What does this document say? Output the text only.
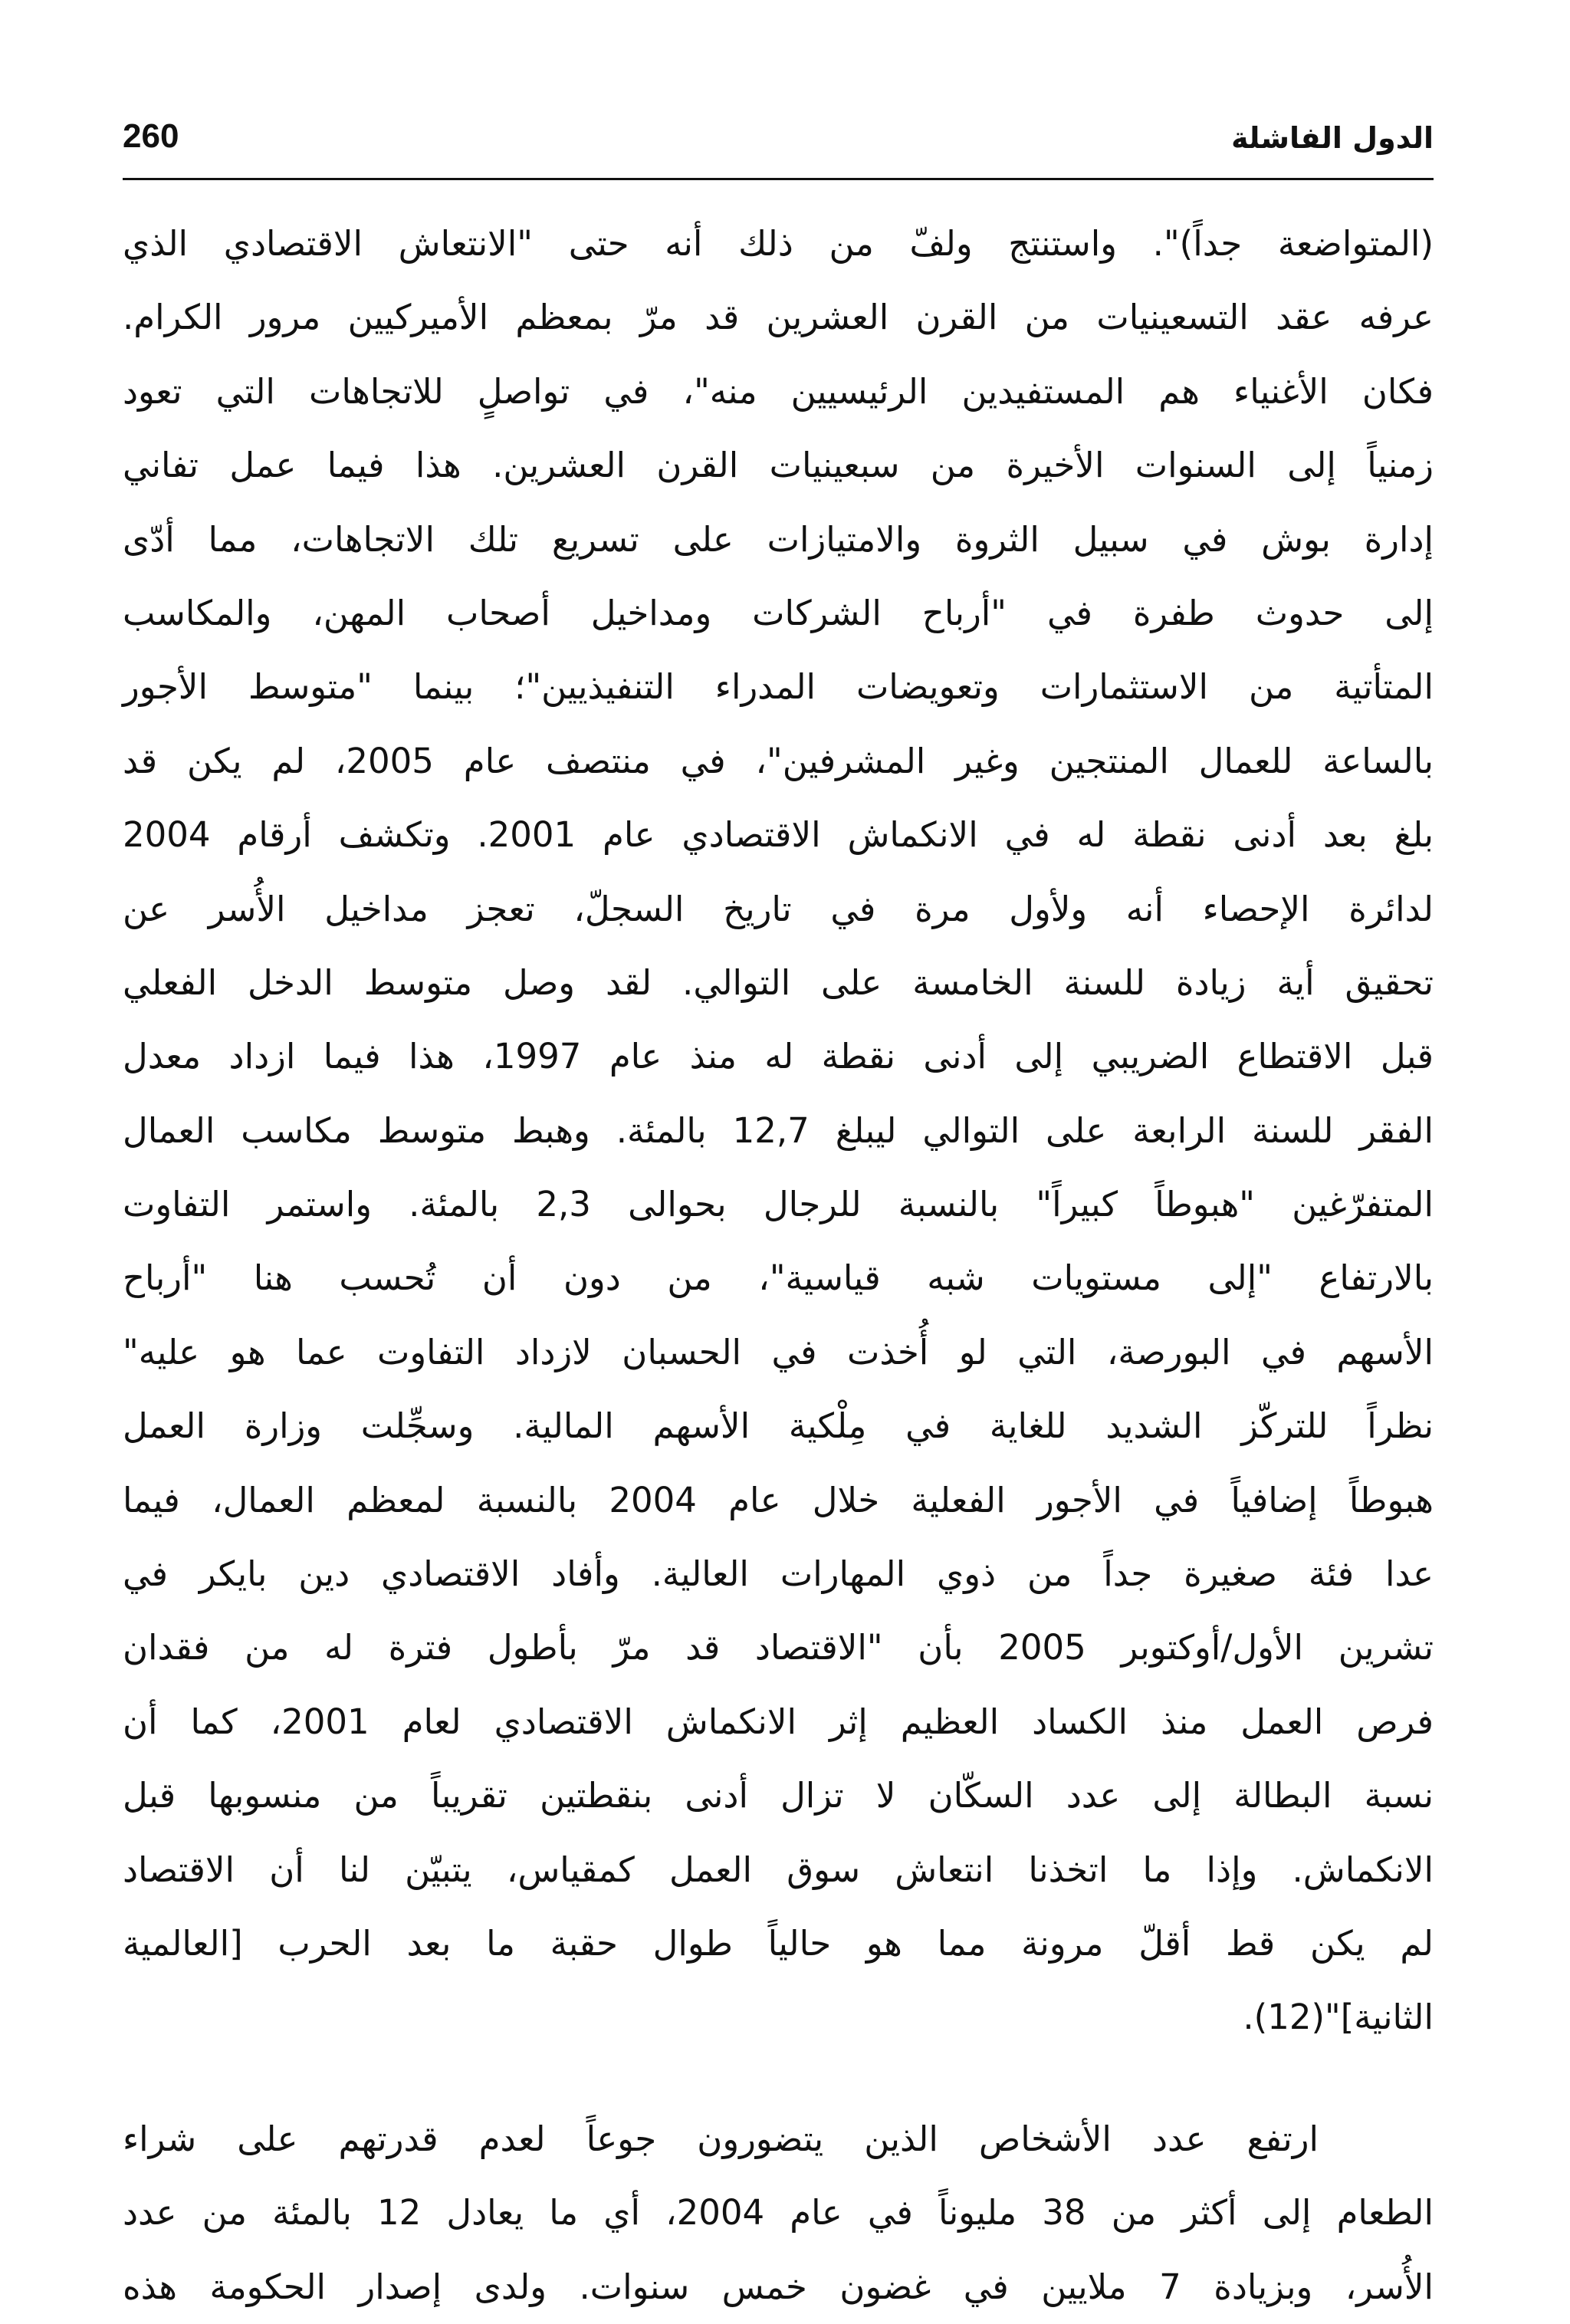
260	الدول الفاشلة
(المتواضعة جداً)". واستنتج ولفّ من ذلك أنه حتى "الانتعاش الاقتصادي الذي
عرفه عقد التسعينيات من القرن العشرين قد مرّ بمعظم الأميركيين مرور الكرام.
فكان الأغنياء هم المستفيدين الرئيسيين منه"، في تواصلٍ للاتجاهات التي تعود
زمنياً إلى السنوات الأخيرة من سبعينيات القرن العشرين. هذا فيما عمل تفاني
إدارة بوش في سبيل الثروة والامتيازات على تسريع تلك الاتجاهات، مما أدّى
إلى حدوث طفرة في "أرباح الشركات ومداخيل أصحاب المهن، والمكاسب
المتأتية من الاستثمارات وتعويضات المدراء التنفيذيين"؛ بينما "متوسط الأجور
بالساعة للعمال المنتجين وغير المشرفين"، في منتصف عام 2005، لم يكن قد
بلغ بعد أدنى نقطة له في الانكماش الاقتصادي عام 2001. وتكشف أرقام 2004
لدائرة الإحصاء أنه ولأول مرة في تاريخ السجلّ، تعجز مداخيل الأُسر عن
تحقيق أية زيادة للسنة الخامسة على التوالي. لقد وصل متوسط الدخل الفعلي
قبل الاقتطاع الضريبي إلى أدنى نقطة له منذ عام 1997، هذا فيما ازداد معدل
الفقر للسنة الرابعة على التوالي ليبلغ 12,7 بالمئة. وهبط متوسط مكاسب العمال
المتفرّغين "هبوطاً كبيراً" بالنسبة للرجال بحوالى 2,3 بالمئة. واستمر التفاوت
بالارتفاع "إلى مستويات شبه قياسية"، من دون أن تُحسب هنا "أرباح
الأسهم في البورصة، التي لو أُخذت في الحسبان لازداد التفاوت عما هو عليه"
نظراً للتركّز الشديد للغاية في مِلْكية الأسهم المالية. وسجِّلت وزارة العمل
هبوطاً إضافياً في الأجور الفعلية خلال عام 2004 بالنسبة لمعظم العمال، فيما
عدا فئة صغيرة جداً من ذوي المهارات العالية. وأفاد الاقتصادي دين بايكر في
تشرين الأول/أوكتوبر 2005 بأن "الاقتصاد قد مرّ بأطول فترة له من فقدان
فرص العمل منذ الكساد العظيم إثر الانكماش الاقتصادي لعام 2001، كما أن
نسبة البطالة إلى عدد السكّان لا تزال أدنى بنقطتين تقريباً من منسوبها قبل
الانكماش. وإذا ما اتخذنا انتعاش سوق العمل كمقياس، يتبيّن لنا أن الاقتصاد
لم يكن قط أقلّ مرونة مما هو حالياً طوال حقبة ما بعد الحرب [العالمية
الثانية]"(12).
ارتفع عدد الأشخاص الذين يتضورون جوعاً لعدم قدرتهم على شراء
الطعام إلى أكثر من 38 مليوناً في عام 2004، أي ما يعادل 12 بالمئة من عدد
الأُسر، وبزيادة 7 ملايين في غضون خمس سنوات. ولدى إصدار الحكومة هذه
